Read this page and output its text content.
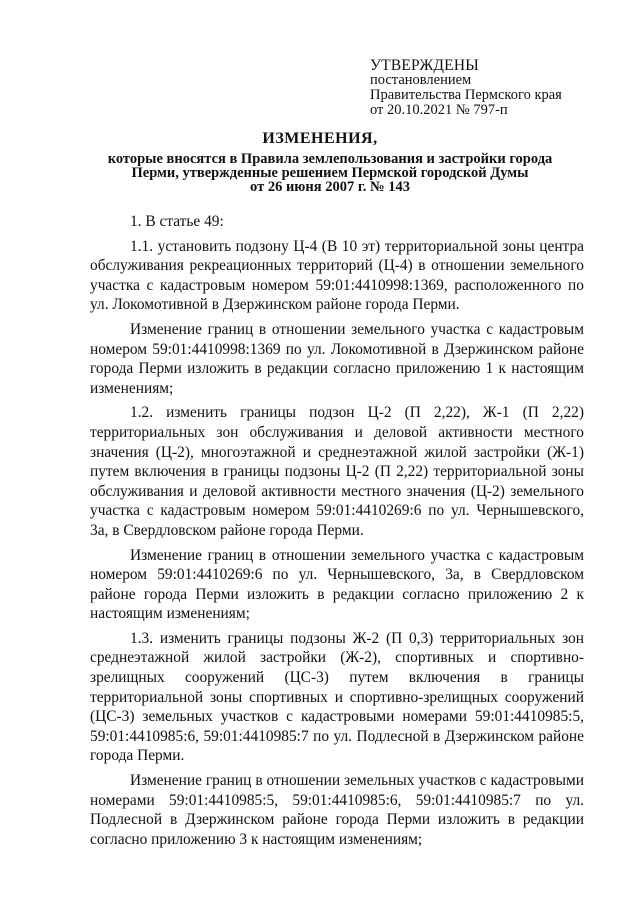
УТВЕРЖДЕНЫ
постановлением
Правительства Пермского края
от 20.10.2021 № 797-п
ИЗМЕНЕНИЯ,
которые вносятся в Правила землепользования и застройки города
Перми, утвержденные решением Пермской городской Думы
от 26 июня 2007 г. № 143

1. В статье 49:

1.1. установить подзону Ц-4 (В 10 эт) территориальной зоны центра обслуживания рекреационных территорий (Ц-4) в отношении земельного участка с кадастровым номером 59:01:4410998:1369, расположенного по ул. Локомотивной в Дзержинском районе города Перми.

Изменение границ в отношении земельного участка с кадастровым номером 59:01:4410998:1369 по ул. Локомотивной в Дзержинском районе города Перми изложить в редакции согласно приложению 1 к настоящим изменениям;

1.2. изменить границы подзон Ц-2 (П 2,22), Ж-1 (П 2,22) территориальных зон обслуживания и деловой активности местного значения (Ц-2), многоэтажной и среднеэтажной жилой застройки (Ж-1) путем включения в границы подзоны Ц-2 (П 2,22) территориальной зоны обслуживания и деловой активности местного значения (Ц-2) земельного участка с кадастровым номером 59:01:4410269:6 по ул. Чернышевского, 3а, в Свердловском районе города Перми.

Изменение границ в отношении земельного участка с кадастровым номером 59:01:4410269:6 по ул. Чернышевского, 3а, в Свердловском районе города Перми изложить в редакции согласно приложению 2 к настоящим изменениям;

1.3. изменить границы подзоны Ж-2 (П 0,3) территориальных зон среднеэтажной жилой застройки (Ж-2), спортивных и спортивно-зрелищных сооружений (ЦС-3) путем включения в границы территориальной зоны спортивных и спортивно-зрелищных сооружений (ЦС-3) земельных участков с кадастровыми номерами 59:01:4410985:5, 59:01:4410985:6, 59:01:4410985:7 по ул. Подлесной в Дзержинском районе города Перми.

Изменение границ в отношении земельных участков с кадастровыми номерами 59:01:4410985:5, 59:01:4410985:6, 59:01:4410985:7 по ул. Подлесной в Дзержинском районе города Перми изложить в редакции согласно приложению 3 к настоящим изменениям;
